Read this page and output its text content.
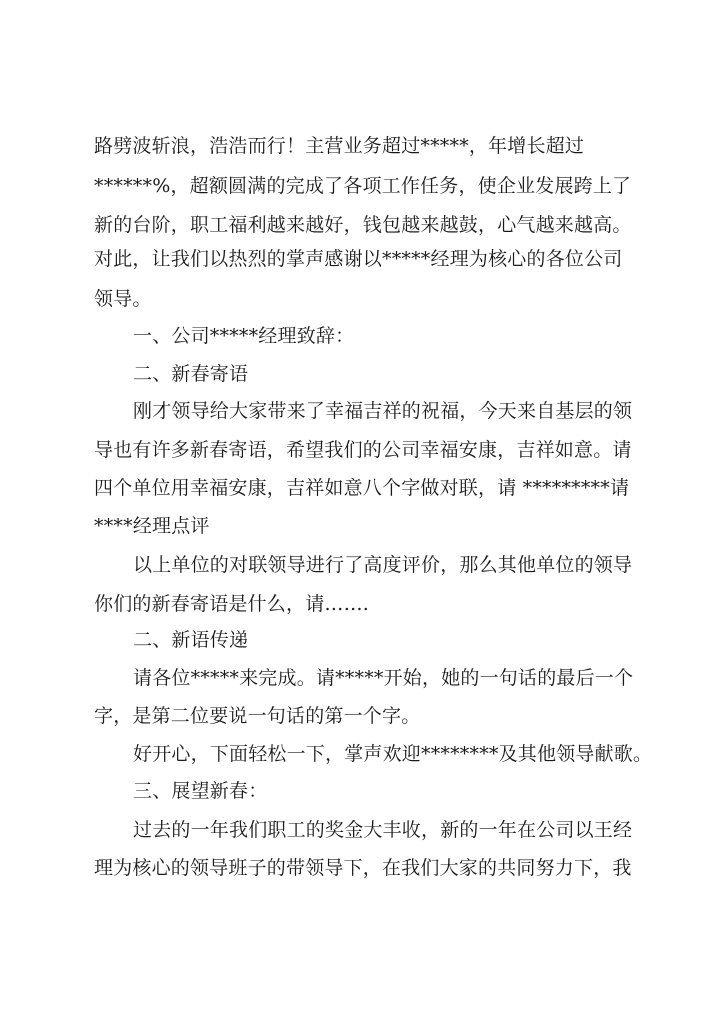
路劈波斩浪，浩浩而行！主营业务超过*****，年增长超过
******%，超额圆满的完成了各项工作任务，使企业发展跨上了
新的台阶，职工福利越来越好，钱包越来越鼓，心气越来越高。
对此，让我们以热烈的掌声感谢以*****经理为核心的各位公司
领导。
一、公司*****经理致辞：
二、新春寄语
刚才领导给大家带来了幸福吉祥的祝福，今天来自基层的领
导也有许多新春寄语，希望我们的公司幸福安康，吉祥如意。请
四个单位用幸福安康，吉祥如意八个字做对联，请 *********请
****经理点评
以上单位的对联领导进行了高度评价，那么其他单位的领导
你们的新春寄语是什么，请…….
二、新语传递
请各位*****来完成。请*****开始，她的一句话的最后一个
字，是第二位要说一句话的第一个字。
好开心，下面轻松一下，掌声欢迎********及其他领导献歌。
三、展望新春：
过去的一年我们职工的奖金大丰收，新的一年在公司以王经
理为核心的领导班子的带领导下，在我们大家的共同努力下，我
